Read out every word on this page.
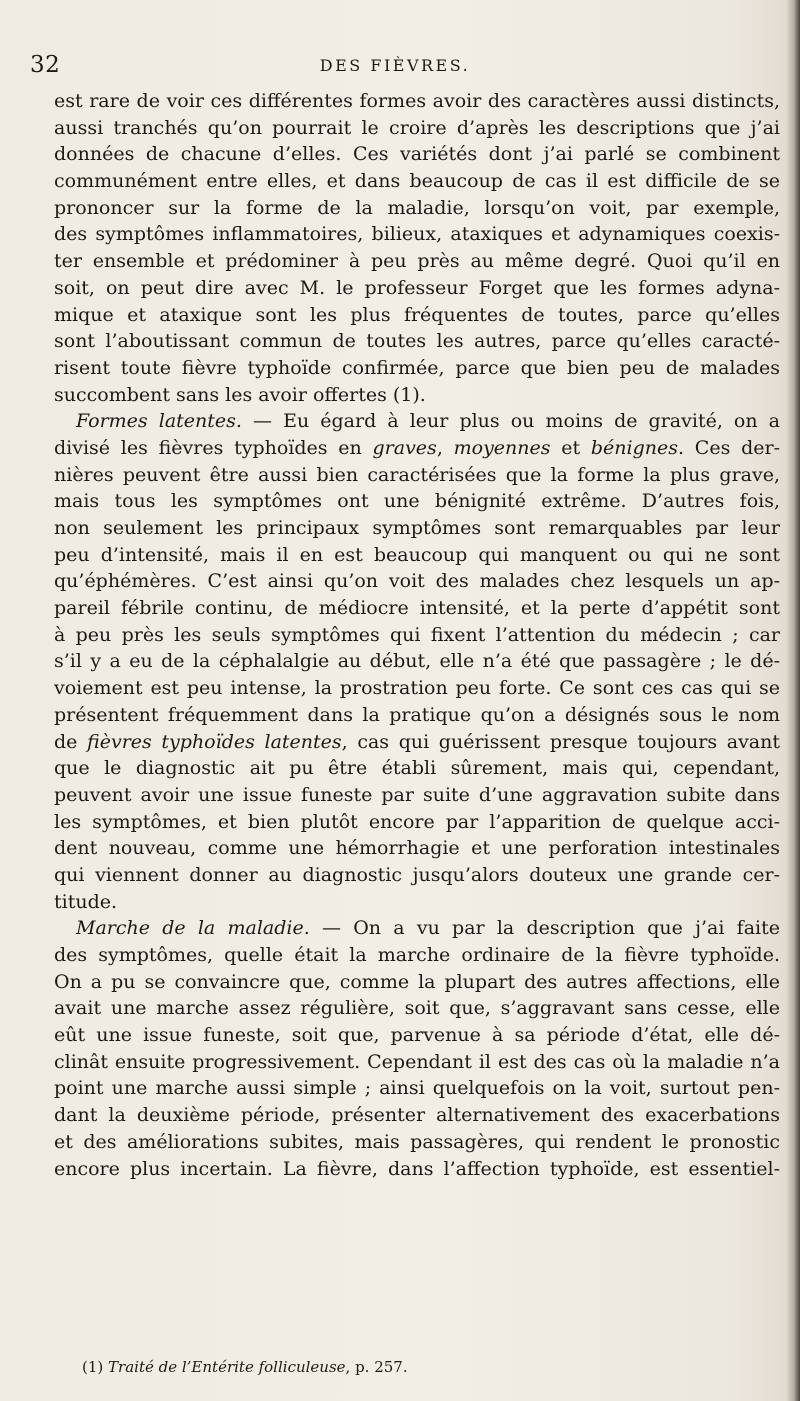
32	DES FIÈVRES.
est rare de voir ces différentes formes avoir des caractères aussi distincts,
aussi tranchés qu’on pourrait le croire d’après les descriptions que j’ai
données de chacune d’elles. Ces variétés dont j’ai parlé se combinent
communément entre elles, et dans beaucoup de cas il est difficile de se
prononcer sur la forme de la maladie, lorsqu’on voit, par exemple,
des symptômes inflammatoires, bilieux, ataxiques et adynamiques coexis-
ter ensemble et prédominer à peu près au même degré. Quoi qu’il en
soit, on peut dire avec M. le professeur Forget que les formes adyna-
mique et ataxique sont les plus fréquentes de toutes, parce qu’elles
sont l’aboutissant commun de toutes les autres, parce qu’elles caracté-
risent toute fièvre typhoïde confirmée, parce que bien peu de malades
succombent sans les avoir offertes (1).
Formes latentes. — Eu égard à leur plus ou moins de gravité, on a
divisé les fièvres typhoïdes en graves, moyennes et bénignes. Ces der-
nières peuvent être aussi bien caractérisées que la forme la plus grave,
mais tous les symptômes ont une bénignité extrême. D’autres fois,
non seulement les principaux symptômes sont remarquables par leur
peu d’intensité, mais il en est beaucoup qui manquent ou qui ne sont
qu’éphémères. C’est ainsi qu’on voit des malades chez lesquels un ap-
pareil fébrile continu, de médiocre intensité, et la perte d’appétit sont
à peu près les seuls symptômes qui fixent l’attention du médecin ; car
s’il y a eu de la céphalalgie au début, elle n’a été que passagère ; le dé-
voiement est peu intense, la prostration peu forte. Ce sont ces cas qui se
présentent fréquemment dans la pratique qu’on a désignés sous le nom
de fièvres typhoïdes latentes, cas qui guérissent presque toujours avant
que le diagnostic ait pu être établi sûrement, mais qui, cependant,
peuvent avoir une issue funeste par suite d’une aggravation subite dans
les symptômes, et bien plutôt encore par l’apparition de quelque acci-
dent nouveau, comme une hémorrhagie et une perforation intestinales
qui viennent donner au diagnostic jusqu’alors douteux une grande cer-
titude.
Marche de la maladie. — On a vu par la description que j’ai faite
des symptômes, quelle était la marche ordinaire de la fièvre typhoïde.
On a pu se convaincre que, comme la plupart des autres affections, elle
avait une marche assez régulière, soit que, s’aggravant sans cesse, elle
eût une issue funeste, soit que, parvenue à sa période d’état, elle dé-
clinât ensuite progressivement. Cependant il est des cas où la maladie n’a
point une marche aussi simple ; ainsi quelquefois on la voit, surtout pen-
dant la deuxième période, présenter alternativement des exacerbations
et des améliorations subites, mais passagères, qui rendent le pronostic
encore plus incertain. La fièvre, dans l’affection typhoïde, est essentiel-
(1) Traité de l’Entérite folliculeuse, p. 257.
